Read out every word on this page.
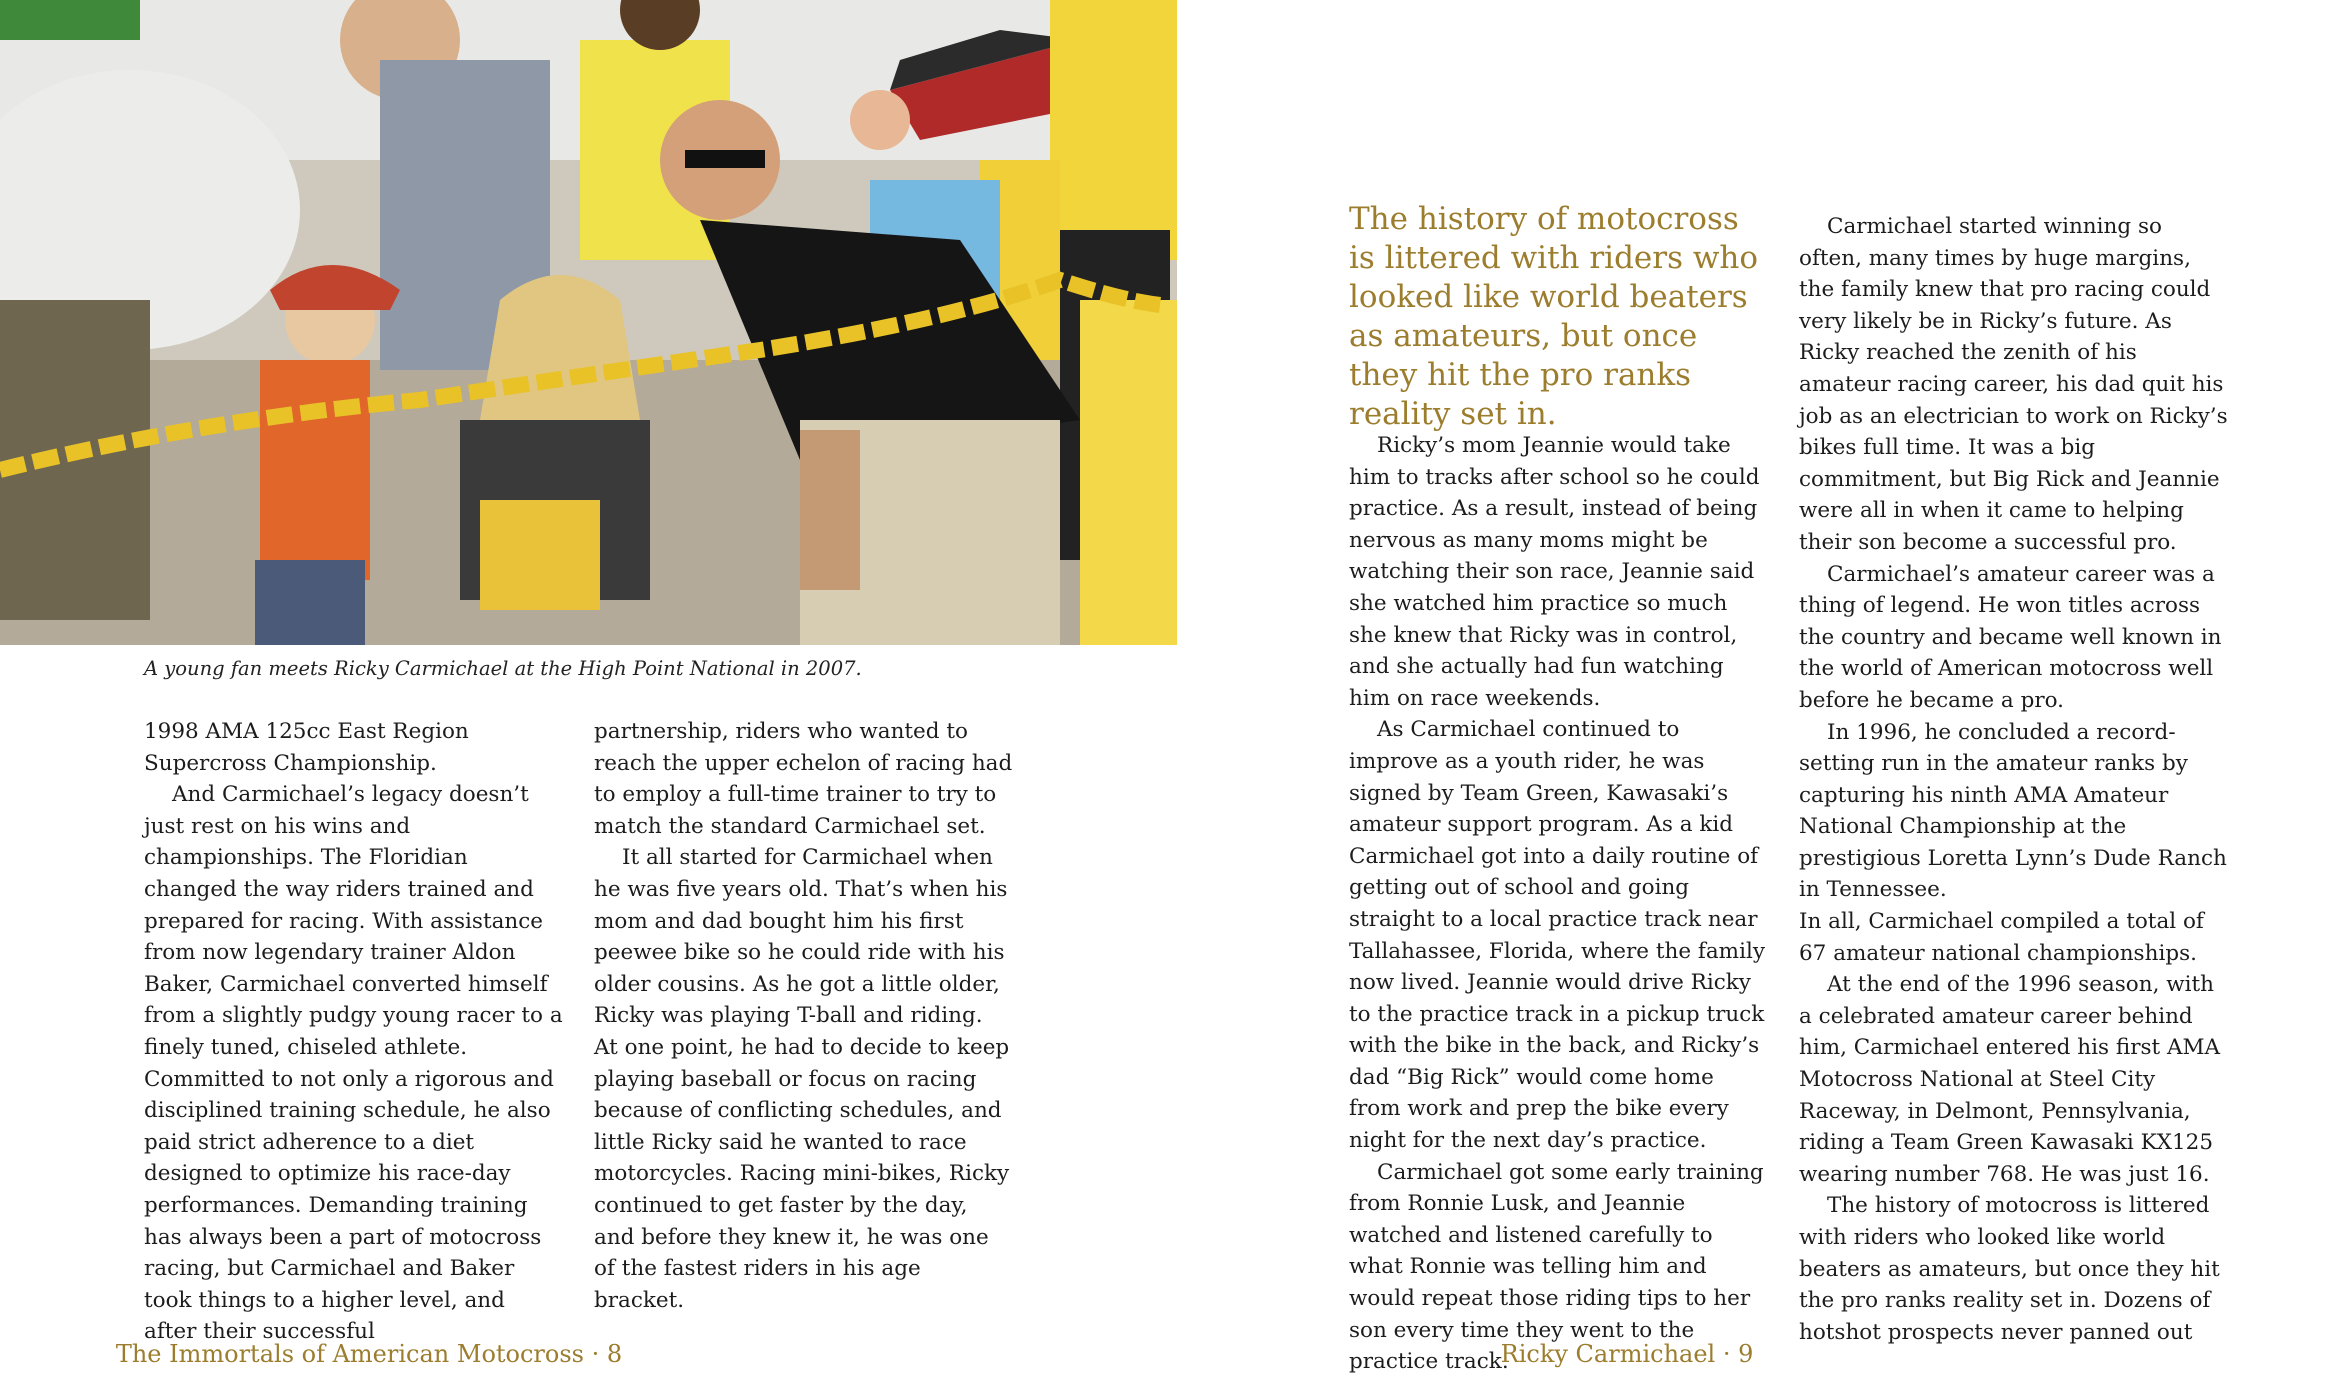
A young fan meets Ricky Carmichael at the High Point National in 2007.

1998 AMA 125cc East Region Supercross Championship.

And Carmichael’s legacy doesn’t just rest on his wins and championships. The Floridian changed the way riders trained and prepared for racing. With assistance from now legendary trainer Aldon Baker, Carmichael converted himself from a slightly pudgy young racer to a finely tuned, chiseled athlete. Committed to not only a rigorous and disciplined training schedule, he also paid strict adherence to a diet designed to optimize his race-day performances. Demanding training has always been a part of motocross racing, but Carmichael and Baker took things to a higher level, and after their successful

partnership, riders who wanted to reach the upper echelon of racing had to employ a full-time trainer to try to match the standard Carmichael set.

It all started for Carmichael when he was five years old. That’s when his mom and dad bought him his first peewee bike so he could ride with his older cousins. As he got a little older, Ricky was playing T-ball and riding.

At one point, he had to decide to keep playing baseball or focus on racing because of conflicting schedules, and little Ricky said he wanted to race motorcycles. Racing mini-bikes, Ricky continued to get faster by the day, and before they knew it, he was one of the fastest riders in his age bracket.

The history of motocross is littered with riders who looked like world beaters as amateurs, but once they hit the pro ranks reality set in.

Ricky’s mom Jeannie would take him to tracks after school so he could practice. As a result, instead of being nervous as many moms might be watching their son race, Jeannie said she watched him practice so much she knew that Ricky was in control, and she actually had fun watching him on race weekends.

As Carmichael continued to improve as a youth rider, he was signed by Team Green, Kawasaki’s amateur support program. As a kid Carmichael got into a daily routine of getting out of school and going straight to a local practice track near Tallahassee, Florida, where the family now lived. Jeannie would drive Ricky to the practice track in a pickup truck with the bike in the back, and Ricky’s dad “Big Rick” would come home from work and prep the bike every night for the next day’s practice.

Carmichael got some early training from Ronnie Lusk, and Jeannie watched and listened carefully to what Ronnie was telling him and would repeat those riding tips to her son every time they went to the practice track.

Carmichael started winning so often, many times by huge margins, the family knew that pro racing could very likely be in Ricky’s future. As Ricky reached the zenith of his amateur racing career, his dad quit his job as an electrician to work on Ricky’s bikes full time. It was a big commitment, but Big Rick and Jeannie were all in when it came to helping their son become a successful pro.

Carmichael’s amateur career was a thing of legend. He won titles across the country and became well known in the world of American motocross well before he became a pro.

In 1996, he concluded a record-setting run in the amateur ranks by capturing his ninth AMA Amateur National Championship at the prestigious Loretta Lynn’s Dude Ranch in Tennessee.

In all, Carmichael compiled a total of 67 amateur national championships.

At the end of the 1996 season, with a celebrated amateur career behind him, Carmichael entered his first AMA Motocross National at Steel City Raceway, in Delmont, Pennsylvania, riding a Team Green Kawasaki KX125 wearing number 768. He was just 16.

The history of motocross is littered with riders who looked like world beaters as amateurs, but once they hit the pro ranks reality set in. Dozens of hotshot prospects never panned out

The Immortals of American Motocross · 8	Ricky Carmichael · 9
